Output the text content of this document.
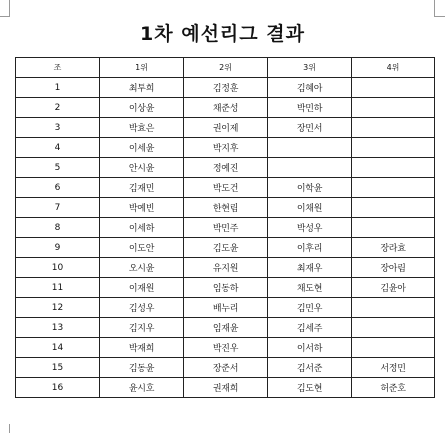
1차 예선리그 결과
조	1위	2위	3위	4위
1	최투희	김정훈	김혜아	
2	이상윤	채준성	박민하	
3	박효은	권이제	장민서	
4	이세윤	박지후		
5	안시윤	정예진		
6	김재민	박도건	이학윤	
7	박예빈	한현림	이채원	
8	이세하	박민주	박성우	
9	이도안	김도윤	이후리	장라효
10	오시윤	유지원	최재우	장아림
11	이재원	임동하	채도현	김윤아
12	김성우	배누리	김민우	
13	김지우	임재윤	김세주	
14	박재희	박진우	이서하	
15	김동윤	장준서	김서준	서정민
16	윤시호	권재희	김도현	허준호
